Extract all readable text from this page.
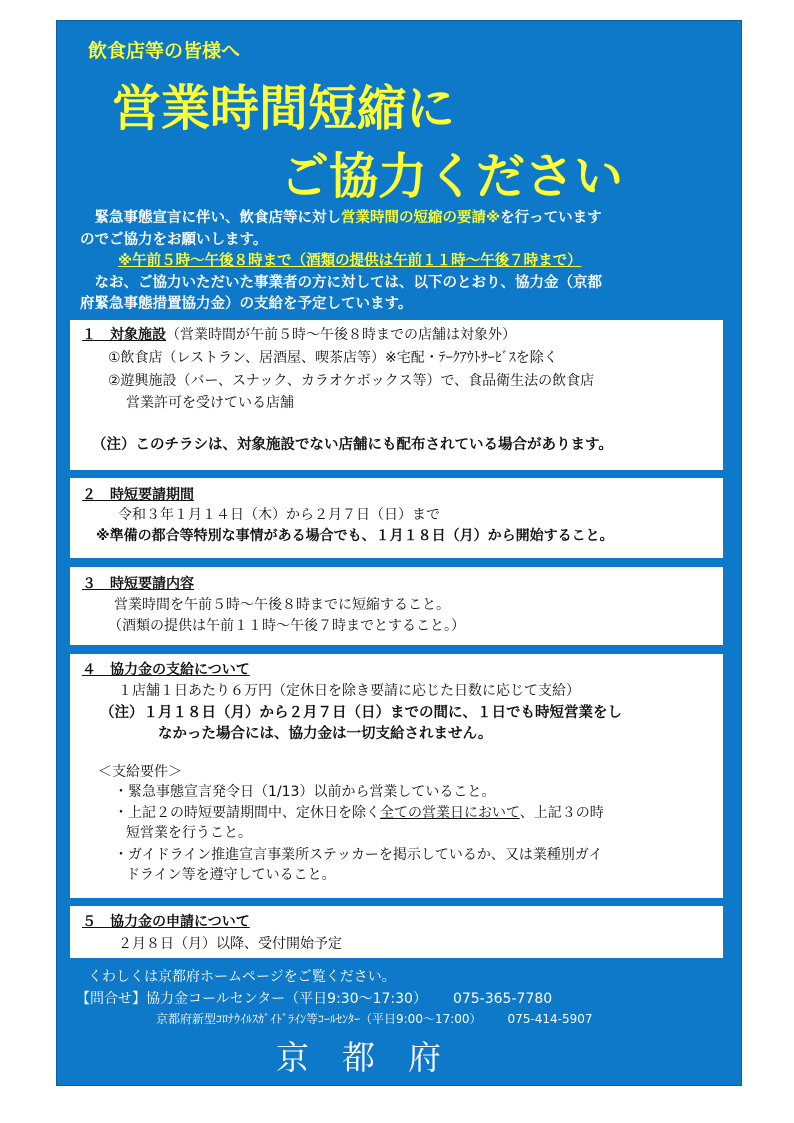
飲食店等の皆様へ
営業時間短縮に
ご協力ください
　緊急事態宣言に伴い、飲食店等に対し営業時間の短縮の要請※を行っています
のでご協力をお願いします。
※午前５時～午後８時まで（酒類の提供は午前１１時～午後７時まで）
　なお、ご協力いただいた事業者の方に対しては、以下のとおり、協力金（京都
府緊急事態措置協力金）の支給を予定しています。
１　対象施設（営業時間が午前５時～午後８時までの店舗は対象外）
①飲食店（レストラン、居酒屋、喫茶店等）※宅配・ﾃｰｸｱｳﾄｻｰﾋﾞｽを除く
②遊興施設（バー、スナック、カラオケボックス等）で、食品衛生法の飲食店
営業許可を受けている店舗
（注）このチラシは、対象施設でない店舗にも配布されている場合があります。
２　時短要請期間
令和３年１月１４日（木）から２月７日（日）まで
※準備の都合等特別な事情がある場合でも、１月１８日（月）から開始すること。
３　時短要請内容
営業時間を午前５時～午後８時までに短縮すること。
（酒類の提供は午前１１時～午後７時までとすること。）
４　協力金の支給について
１店舗１日あたり６万円（定休日を除き要請に応じた日数に応じて支給）
（注）１月１８日（月）から２月７日（日）までの間に、１日でも時短営業をし
なかった場合には、協力金は一切支給されません。
＜支給要件＞
・緊急事態宣言発令日（1/13）以前から営業していること。
・上記２の時短要請期間中、定休日を除く全ての営業日において、上記３の時
短営業を行うこと。
・ガイドライン推進宣言事業所ステッカーを掲示しているか、又は業種別ガイ
ドライン等を遵守していること。
５　協力金の申請について
２月８日（月）以降、受付開始予定
くわしくは京都府ホームページをご覧ください。
【問合せ】協力金コールセンター（平日9:30～17:30） 075-365-7780
京都府新型ｺﾛﾅｳｲﾙｽｶﾞｲﾄﾞﾗｲﾝ等ｺｰﾙｾﾝﾀｰ（平日9:00～17:00） 075-414-5907
京　都　府
